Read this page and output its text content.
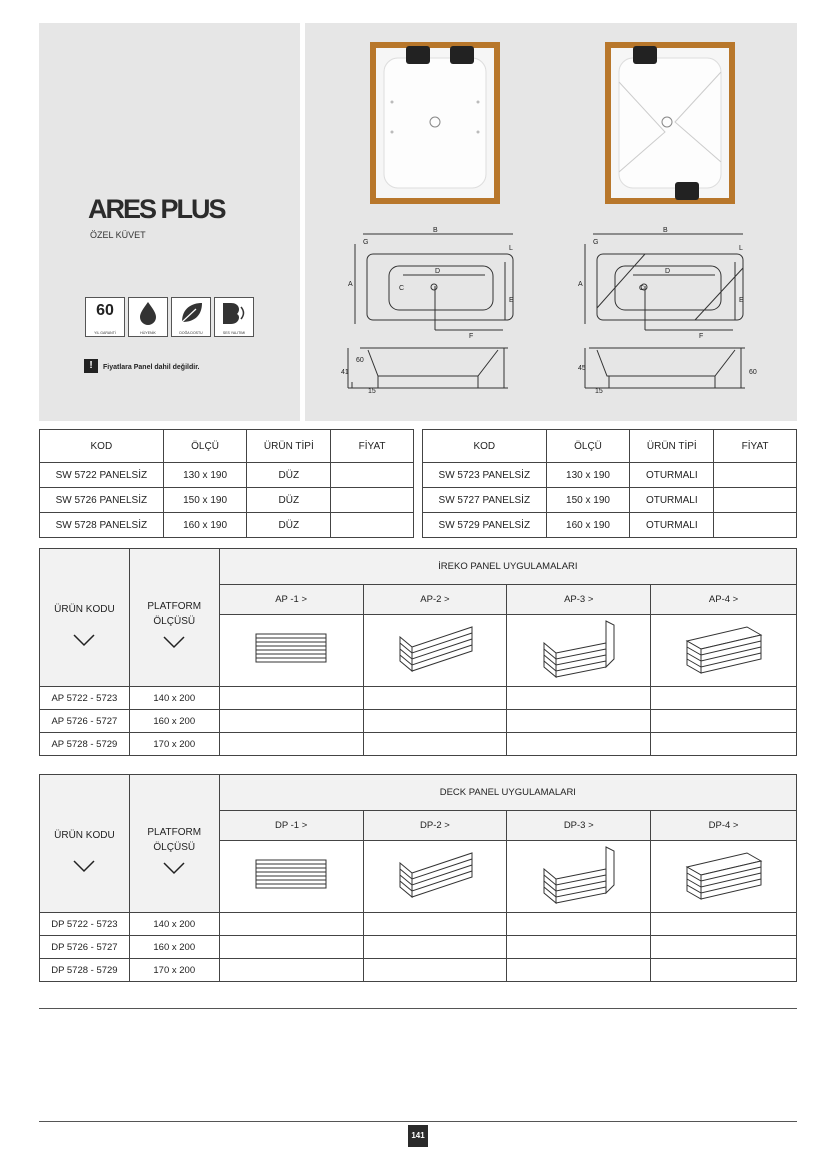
ARES PLUS
ÖZEL KÜVET
60
YIL GARANTİ	HİJYENİK	DOĞA DOSTU	SES YALITIMI
!	Fiyatlara Panel dahil değildir.
B
A
D
C
E
F
L
G
B
A
D
C
E
F
L
G
60
41
15
60
45
15
KOD	ÖLÇÜ	ÜRÜN TİPİ	FİYAT
SW 5722 PANELSİZ	130 x 190	DÜZ	
SW 5726 PANELSİZ	150 x 190	DÜZ	
SW 5728 PANELSİZ	160 x 190	DÜZ	
KOD	ÖLÇÜ	ÜRÜN TİPİ	FİYAT
SW 5723 PANELSİZ	130 x 190	OTURMALI	
SW 5727 PANELSİZ	150 x 190	OTURMALI	
SW 5729 PANELSİZ	160 x 190	OTURMALI	
ÜRÜN KODU	PLATFORM
ÖLÇÜSÜ	İREKO PANEL UYGULAMALARI			
		AP -1 >	AP-2 >	AP-3 >	AP-4 >

AP 5722 - 5723	140 x 200				
AP 5726 - 5727	160 x 200				
AP 5728 - 5729	170 x 200				
ÜRÜN KODU	PLATFORM
ÖLÇÜSÜ	DECK PANEL UYGULAMALARI			
		DP -1 >	DP-2 >	DP-3 >	DP-4 >

DP 5722 - 5723	140 x 200				
DP 5726 - 5727	160 x 200				
DP 5728 - 5729	170 x 200				
141
